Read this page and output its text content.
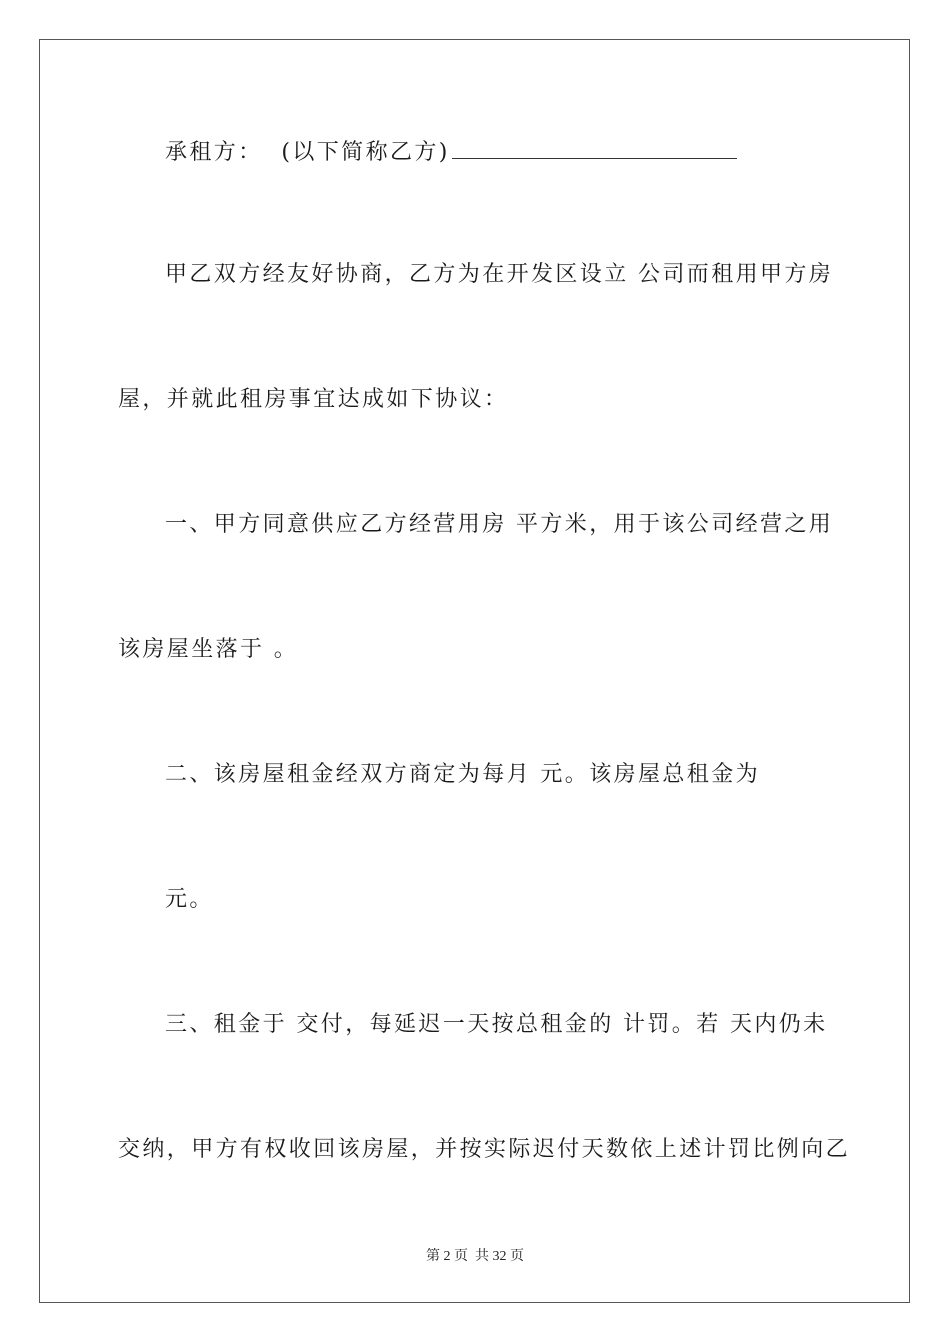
承租方：  (以下简称乙方)
甲乙双方经友好协商，乙方为在开发区设立 公司而租用甲方房
屋，并就此租房事宜达成如下协议：
一、甲方同意供应乙方经营用房 平方米，用于该公司经营之用
该房屋坐落于 。
二、该房屋租金经双方商定为每月 元。该房屋总租金为
元。
三、租金于 交付，每延迟一天按总租金的 计罚。若 天内仍未
交纳，甲方有权收回该房屋，并按实际迟付天数依上述计罚比例向乙
第 2 页  共 32 页
